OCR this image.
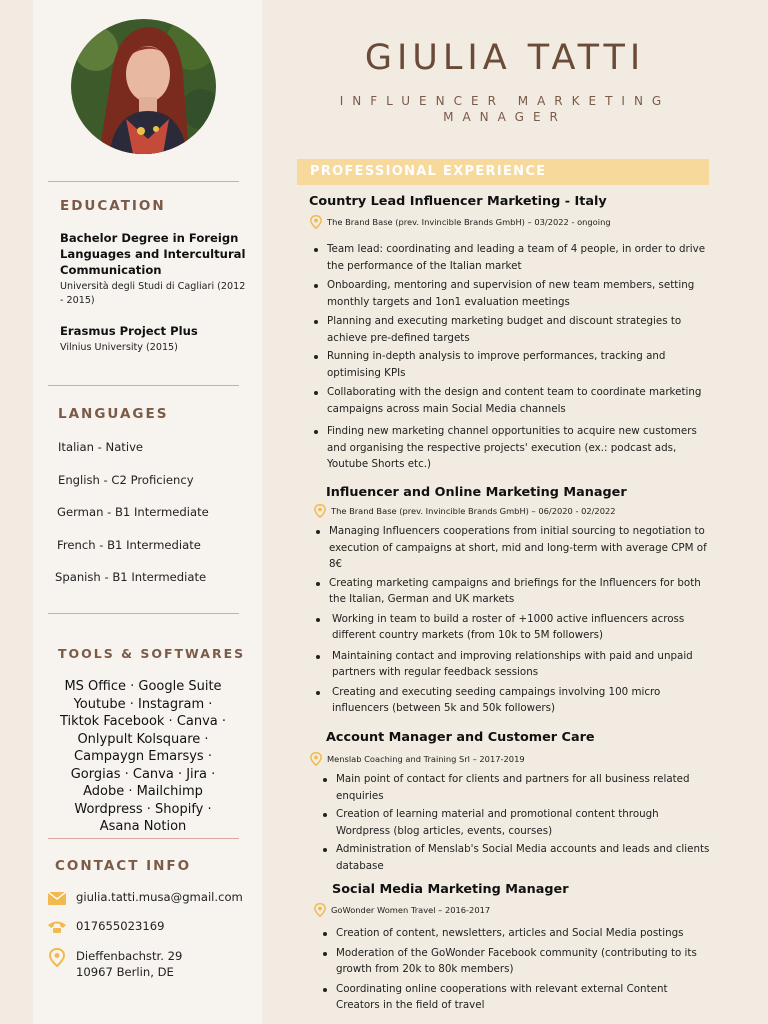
EDUCATION
Bachelor Degree in Foreign Languages and Intercultural Communication
Università degli Studi di Cagliari (2012 - 2015)
Erasmus Project Plus
Vilnius University (2015)
LANGUAGES
Italian - Native
English - C2 Proficiency
German - B1 Intermediate
French - B1 Intermediate
Spanish - B1 Intermediate
TOOLS & SOFTWARES
MS Office · Google Suite Youtube · Instagram · Tiktok Facebook · Canva · Onlypult Kolsquare · Campaygn Emarsys · Gorgias · Canva · Jira · Adobe · Mailchimp Wordpress · Shopify · Asana Notion
CONTACT INFO
giulia.tatti.musa@gmail.com
017655023169
Dieffenbachstr. 29
10967 Berlin, DE
GIULIA TATTI
INFLUENCER MARKETING
MANAGER
PROFESSIONAL EXPERIENCE
Country Lead Influencer Marketing - Italy
The Brand Base (prev. Invincible Brands GmbH) – 03/2022 - ongoing
Team lead: coordinating and leading a team of 4 people, in order to drive the performance of the Italian market
Onboarding, mentoring and supervision of new team members, setting monthly targets and 1on1 evaluation meetings
Planning and executing marketing budget and discount strategies to achieve pre-defined targets
Running in-depth analysis to improve performances, tracking and optimising KPIs
Collaborating with the design and content team to coordinate marketing campaigns across main Social Media channels
Finding new marketing channel opportunities to acquire new customers and organising the respective projects' execution (ex.: podcast ads, Youtube Shorts etc.)
Influencer and Online Marketing Manager
The Brand Base (prev. Invincible Brands GmbH) – 06/2020 - 02/2022
Managing Influencers cooperations from initial sourcing to negotiation to execution of campaigns at short, mid and long-term with average CPM of 8€
Creating marketing campaigns and briefings for the Influencers for both the Italian, German and UK markets
Working in team to build a roster of +1000 active influencers across different country markets (from 10k to 5M followers)
Maintaining contact and improving relationships with paid and unpaid partners with regular feedback sessions
Creating and executing seeding campaings involving 100 micro influencers (between 5k and 50k followers)
Account Manager and Customer Care
Menslab Coaching and Training Srl – 2017-2019
Main point of contact for clients and partners for all business related enquiries
Creation of learning material and promotional content through Wordpress (blog articles, events, courses)
Administration of Menslab's Social Media accounts and leads and clients database
Social Media Marketing Manager
GoWonder Women Travel – 2016-2017
Creation of content, newsletters, articles and Social Media postings
Moderation of the GoWonder Facebook community (contributing to its growth from 20k to 80k members)
Coordinating online cooperations with relevant external Content Creators in the field of travel
